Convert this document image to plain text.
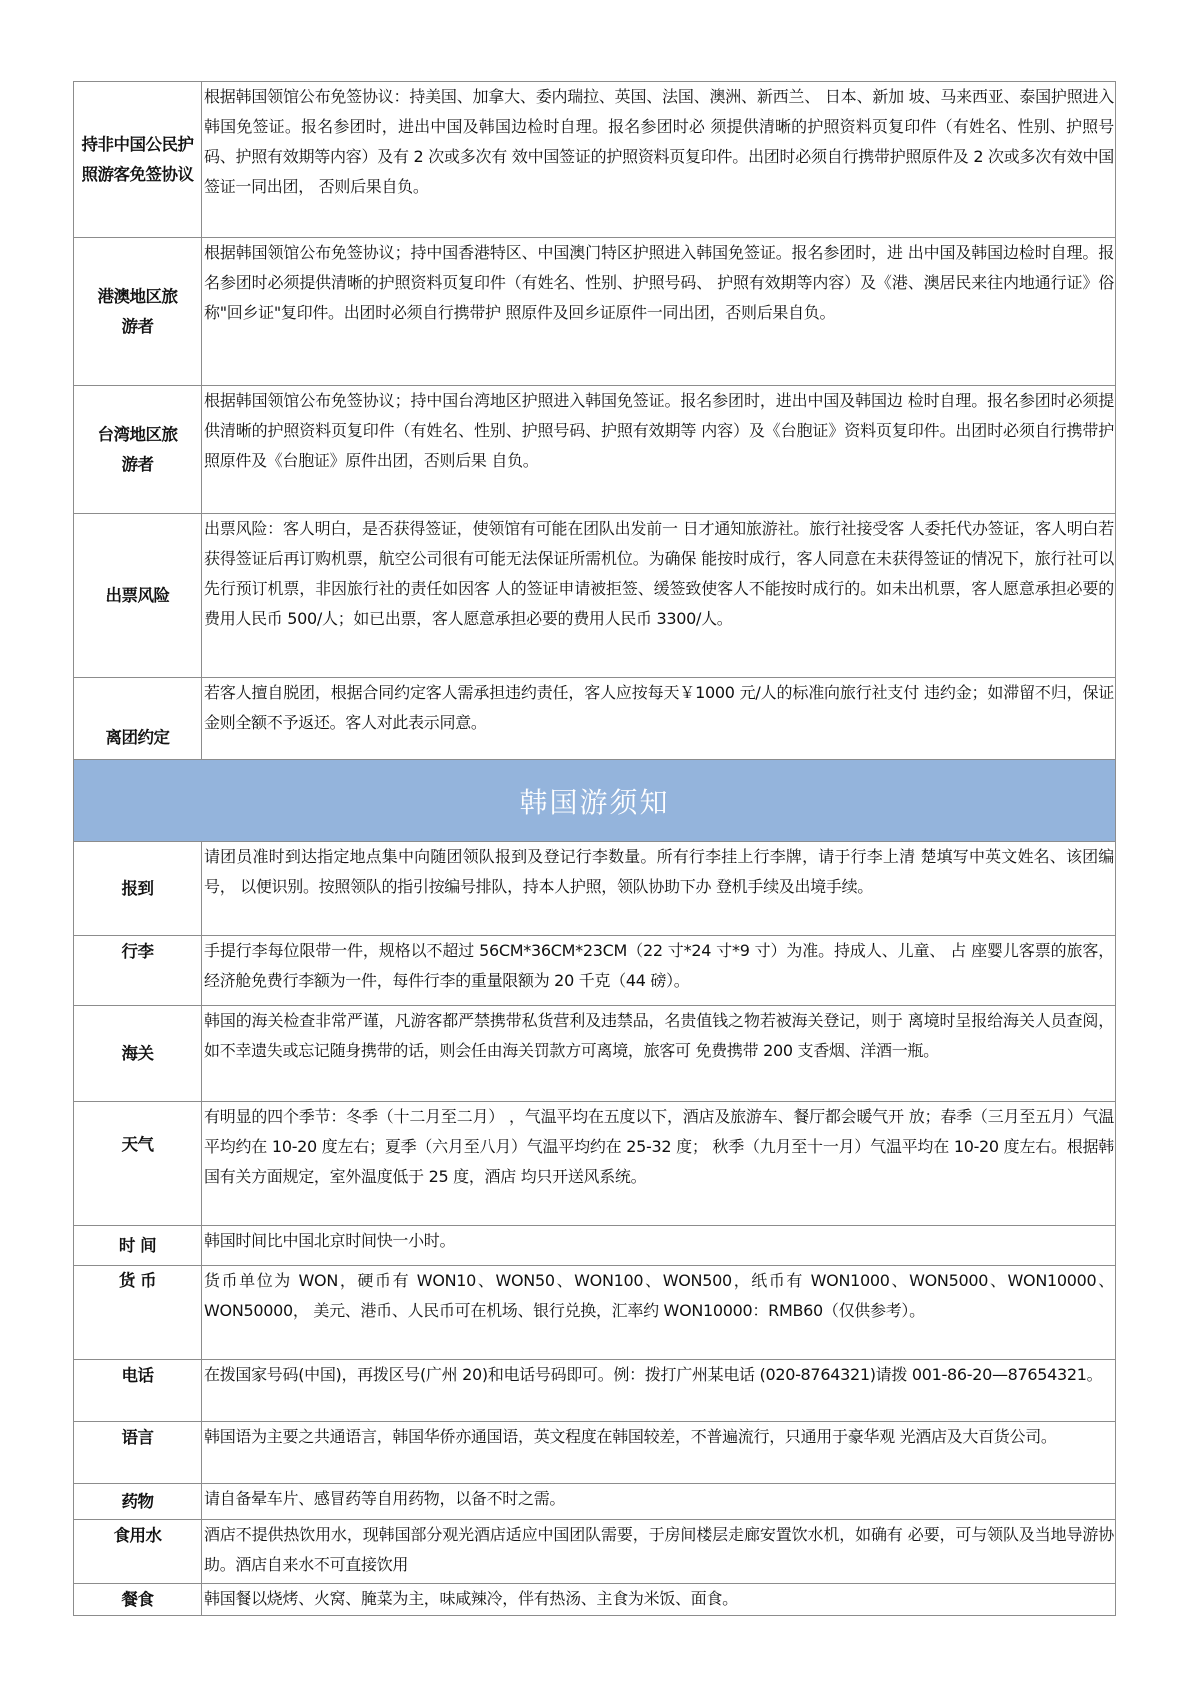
持非中国公民护照游客免签协议	根据韩国领馆公布免签协议：持美国、加拿大、委内瑞拉、英国、法国、澳洲、新西兰、 日本、新加 坡、马来西亚、泰国护照进入韩国免签证。报名参团时，进出中国及韩国边检时自理。报名参团时必 须提供清晰的护照资料页复印件（有姓名、性别、护照号码、护照有效期等内容）及有 2 次或多次有 效中国签证的护照资料页复印件。出团时必须自行携带护照原件及 2 次或多次有效中国签证一同出团， 否则后果自负。
港澳地区旅游者	根据韩国领馆公布免签协议；持中国香港特区、中国澳门特区护照进入韩国免签证。报名参团时，进 出中国及韩国边检时自理。报名参团时必须提供清晰的护照资料页复印件（有姓名、性别、护照号码、 护照有效期等内容）及《港、澳居民来往内地通行证》俗称"回乡证"复印件。出团时必须自行携带护 照原件及回乡证原件一同出团，否则后果自负。
台湾地区旅游者	根据韩国领馆公布免签协议；持中国台湾地区护照进入韩国免签证。报名参团时，进出中国及韩国边 检时自理。报名参团时必须提供清晰的护照资料页复印件（有姓名、性别、护照号码、护照有效期等 内容）及《台胞证》资料页复印件。出团时必须自行携带护照原件及《台胞证》原件出团，否则后果 自负。
出票风险	出票风险：客人明白，是否获得签证，使领馆有可能在团队出发前一 日才通知旅游社。旅行社接受客 人委托代办签证，客人明白若获得签证后再订购机票，航空公司很有可能无法保证所需机位。为确保 能按时成行，客人同意在未获得签证的情况下，旅行社可以先行预订机票，非因旅行社的责任如因客 人的签证申请被拒签、缓签致使客人不能按时成行的。如未出机票，客人愿意承担必要的费用人民币 500/人；如已出票，客人愿意承担必要的费用人民币 3300/人。
离团约定	若客人擅自脱团，根据合同约定客人需承担违约责任，客人应按每天￥1000 元/人的标准向旅行社支付 违约金；如滞留不归，保证金则全额不予返还。客人对此表示同意。
韩国游须知	
报到	请团员准时到达指定地点集中向随团领队报到及登记行李数量。所有行李挂上行李牌，请于行李上清 楚填写中英文姓名、该团编号， 以便识别。按照领队的指引按编号排队，持本人护照，领队协助下办 登机手续及出境手续。
行李	手提行李每位限带一件，规格以不超过 56CM*36CM*23CM（22 寸*24 寸*9 寸）为准。持成人、儿童、 占 座婴儿客票的旅客，经济舱免费行李额为一件，每件行李的重量限额为 20 千克（44 磅）。
海关	韩国的海关检查非常严谨，凡游客都严禁携带私货营利及违禁品，名贵值钱之物若被海关登记，则于 离境时呈报给海关人员查阅，如不幸遗失或忘记随身携带的话，则会任由海关罚款方可离境，旅客可 免费携带 200 支香烟、洋酒一瓶。
天气	有明显的四个季节：冬季（十二月至二月） ，气温平均在五度以下，酒店及旅游车、餐厅都会暖气开 放；春季（三月至五月）气温平均约在 10-20 度左右；夏季（六月至八月）气温平均约在 25-32 度； 秋季（九月至十一月）气温平均在 10-20 度左右。根据韩国有关方面规定，室外温度低于 25 度，酒店 均只开送风系统。
时 间	韩国时间比中国北京时间快一小时。
货 币	货币单位为 WON，硬币有 WON10、WON50、WON100、WON500，纸币有 WON1000、WON5000、WON10000、WON50000， 美元、港币、人民币可在机场、银行兑换，汇率约 WON10000：RMB60（仅供参考）。
电话	在拨国家号码(中国)，再拨区号(广州 20)和电话号码即可。例：拨打广州某电话 (020-8764321)请拨 001-86-20—87654321。
语言	韩国语为主要之共通语言，韩国华侨亦通国语，英文程度在韩国较差，不普遍流行，只通用于豪华观 光酒店及大百货公司。
药物	请自备晕车片、感冒药等自用药物，以备不时之需。
食用水	酒店不提供热饮用水，现韩国部分观光酒店适应中国团队需要，于房间楼层走廊安置饮水机，如确有 必要，可与领队及当地导游协助。酒店自来水不可直接饮用
餐食	韩国餐以烧烤、火窝、腌菜为主，味咸辣冷，伴有热汤、主食为米饭、面食。
